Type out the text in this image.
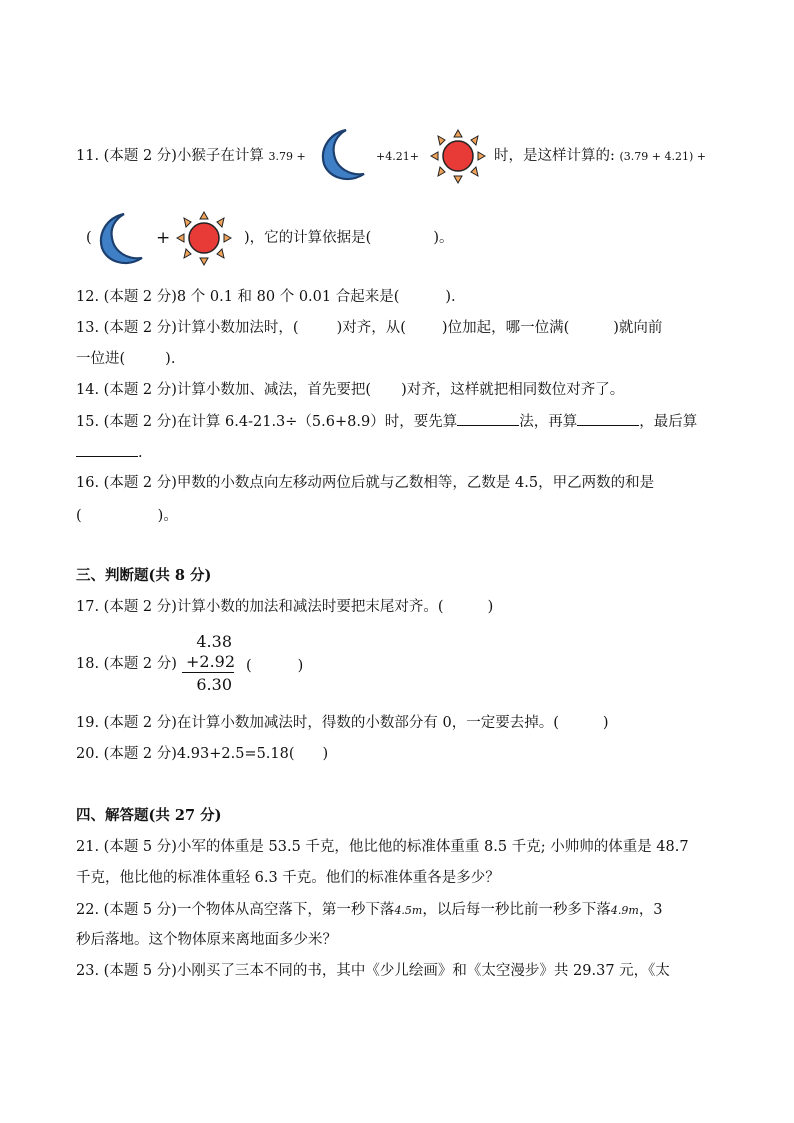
11. (本题 2 分)小猴子在计算 3.79 +	+4.21+	时，是这样计算的: (3.79 + 4.21) +
(	+	)，它的计算依据是(	)。
12. (本题 2 分)8 个 0.1 和 80 个 0.01 合起来是(	).
13. (本题 2 分)计算小数加法时，(	)对齐，从( )位加起，哪一位满(	)就向前
一位进(	).
14. (本题 2 分)计算小数加、减法，首先要把( )对齐，这样就把相同数位对齐了。
15. (本题 2 分)在计算 6.4-21.3÷（5.6+8.9）时，要先算	法，再算	，最后算
.
16. (本题 2 分)甲数的小数点向左移动两位后就与乙数相等，乙数是 4.5，甲乙两数的和是
(	)。
三、判断题(共 8 分)
17. (本题 2 分)计算小数的加法和减法时要把末尾对齐。(	)
18. (本题 2 分)
4.38
+2.92
6.30
(	)
19. (本题 2 分)在计算小数加减法时，得数的小数部分有 0，一定要去掉。(	)
20. (本题 2 分)4.93+2.5=5.18( )
四、解答题(共 27 分)
21. (本题 5 分)小军的体重是 53.5 千克，他比他的标准体重重 8.5 千克; 小帅帅的体重是 48.7
千克，他比他的标准体重轻 6.3 千克。他们的标准体重各是多少？
22. (本题 5 分)一个物体从高空落下，第一秒下落4.5m，以后每一秒比前一秒多下落4.9m，3
秒后落地。这个物体原来离地面多少米？
23. (本题 5 分)小刚买了三本不同的书，其中《少儿绘画》和《太空漫步》共 29.37 元，《太
